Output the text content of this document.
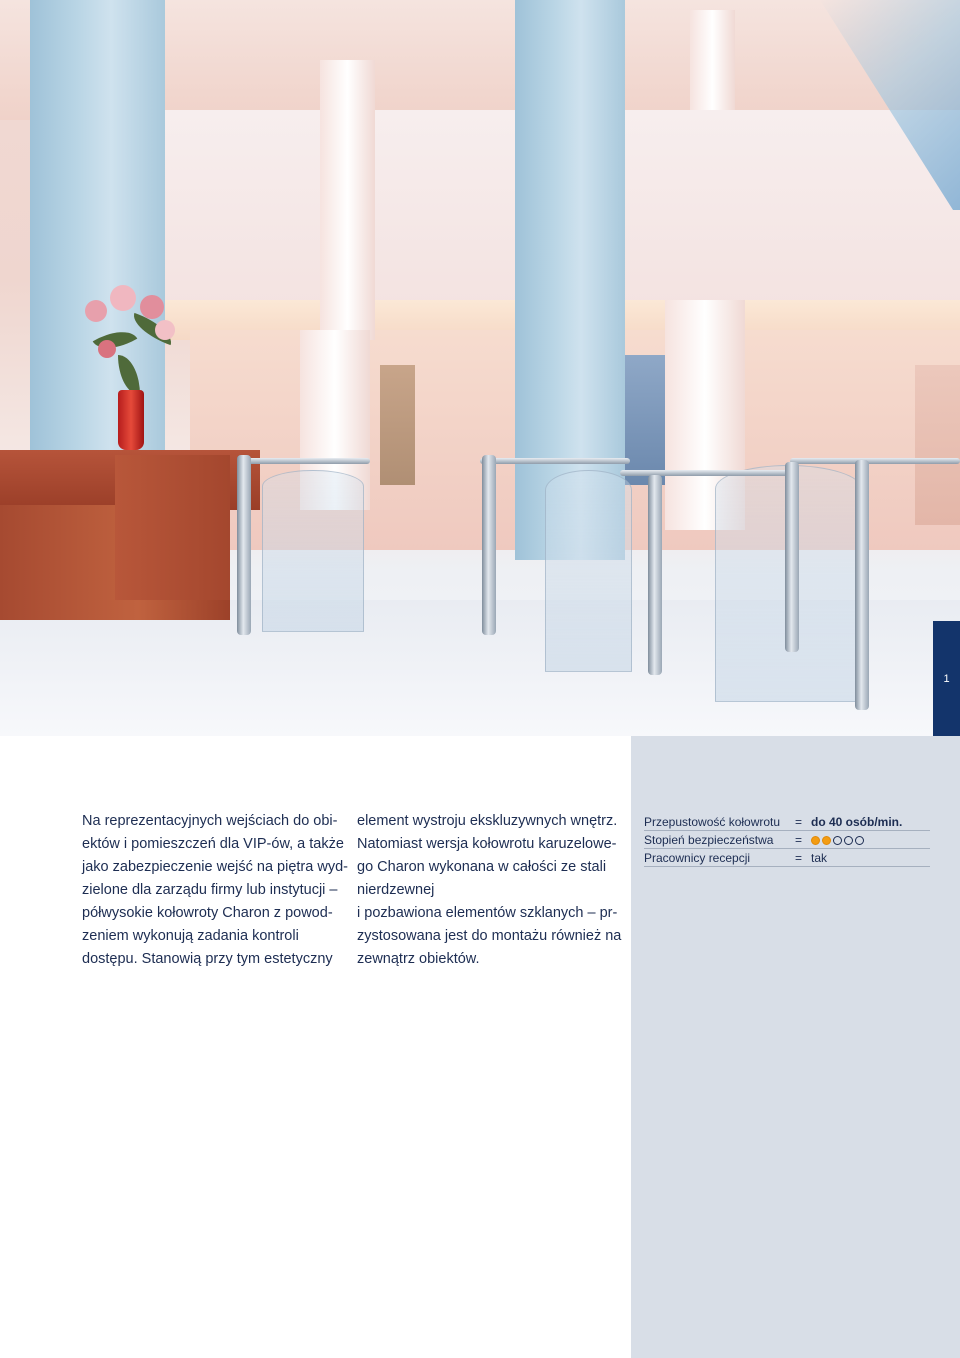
1

Na reprezentacyjnych wejściach do obi-

ektów i pomieszczeń dla VIP-ów, a także

jako zabezpieczenie wejść na piętra wyd-

zielone dla zarządu firmy lub instytucji –

półwysokie kołowroty Charon z powod-

zeniem wykonują zadania kontroli

dostępu. Stanowią przy tym estetyczny

element wystroju ekskluzywnych wnętrz.

Natomiast wersja kołowrotu karuzelowe-

go Charon wykonana w całości ze stali

nierdzewnej

i pozbawiona elementów szklanych – pr-

zystosowana jest do montażu również na

zewnątrz obiektów.

Przepustowość kołowrotu	= do 40 osób/min.
Stopień bezpieczeństwa	=
Pracownicy recepcji	= tak
